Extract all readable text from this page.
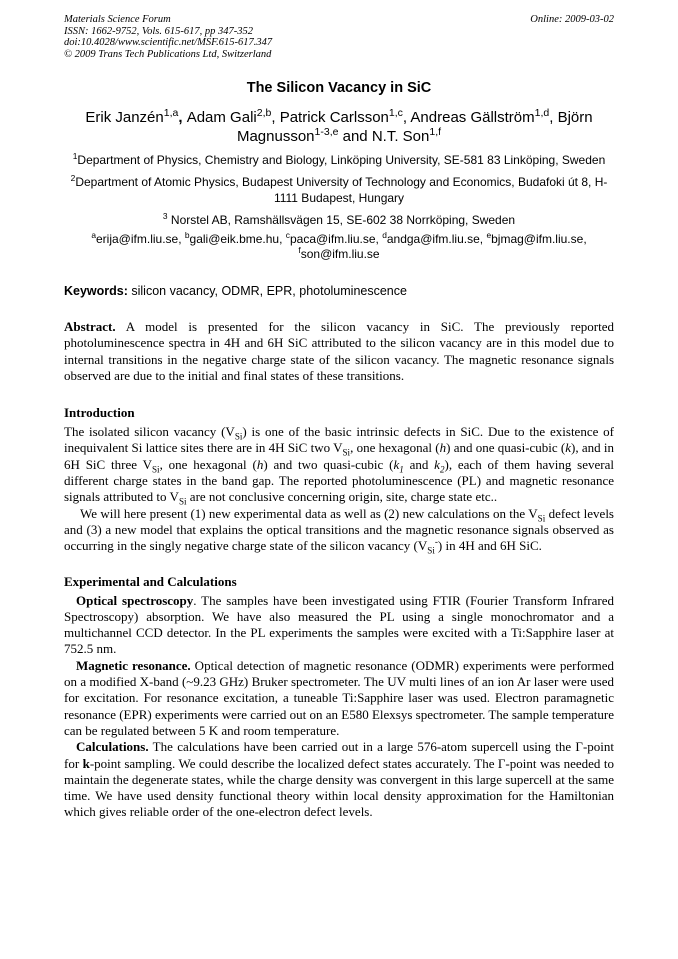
Materials Science Forum
ISSN: 1662-9752, Vols. 615-617, pp 347-352
doi:10.4028/www.scientific.net/MSF.615-617.347
© 2009 Trans Tech Publications Ltd, Switzerland
Online: 2009-03-02
The Silicon Vacancy in SiC
Erik Janzén$^{1,a}$, Adam Gali$^{2,b}$, Patrick Carlsson$^{1,c}$, Andreas Gällström$^{1,d}$, Björn Magnusson$^{1-3,e}$ and N.T. Son$^{1,f}$
$^1$Department of Physics, Chemistry and Biology, Linköping University, SE-581 83 Linköping, Sweden
$^2$Department of Atomic Physics, Budapest University of Technology and Economics, Budafoki út 8, H-1111 Budapest, Hungary
$^3$ Norstel AB, Ramshällsvägen 15, SE-602 38 Norrköping, Sweden
$^a$erija@ifm.liu.se, $^b$gali@eik.bme.hu, $^c$paca@ifm.liu.se, $^d$andga@ifm.liu.se, $^e$bjmag@ifm.liu.se,
$^f$son@ifm.liu.se
Keywords: silicon vacancy, ODMR, EPR, photoluminescence
Abstract. A model is presented for the silicon vacancy in SiC. The previously reported photoluminescence spectra in 4H and 6H SiC attributed to the silicon vacancy are in this model due to internal transitions in the negative charge state of the silicon vacancy. The magnetic resonance signals observed are due to the initial and final states of these transitions.
Introduction
The isolated silicon vacancy $(V_{Si})$ is one of the basic intrinsic defects in SiC. Due to the existence of inequivalent Si lattice sites there are in 4H SiC two $V_{Si}$, one hexagonal (h) and one quasi-cubic (k), and in 6H SiC three $V_{Si}$, one hexagonal (h) and two quasi-cubic ($k_1$ and $k_2$), each of them having several different charge states in the band gap. The reported photoluminescence (PL) and magnetic resonance signals attributed to $V_{Si}$ are not conclusive concerning origin, site, charge state etc..
We will here present (1) new experimental data as well as (2) new calculations on the $V_{Si}$ defect levels and (3) a new model that explains the optical transitions and the magnetic resonance signals observed as occurring in the singly negative charge state of the silicon vacancy $(V_{Si}^-)$ in 4H and 6H SiC.
Experimental and Calculations
Optical spectroscopy. The samples have been investigated using FTIR (Fourier Transform Infrared Spectroscopy) absorption. We have also measured the PL using a single monochromator and a multichannel CCD detector. In the PL experiments the samples were excited with a Ti:Sapphire laser at 752.5 nm.
Magnetic resonance. Optical detection of magnetic resonance (ODMR) experiments were performed on a modified X-band (~9.23 GHz) Bruker spectrometer. The UV multi lines of an ion Ar laser were used for excitation. For resonance excitation, a tuneable Ti:Sapphire laser was used. Electron paramagnetic resonance (EPR) experiments were carried out on an E580 Elexsys spectrometer. The sample temperature can be regulated between 5 K and room temperature.
Calculations. The calculations have been carried out in a large 576-atom supercell using the Γ-point for k-point sampling. We could describe the localized defect states accurately. The Γ-point was needed to maintain the degenerate states, while the charge density was convergent in this large supercell at the same time. We have used density functional theory within local density approximation for the Hamiltonian which gives reliable order of the one-electron defect levels.
